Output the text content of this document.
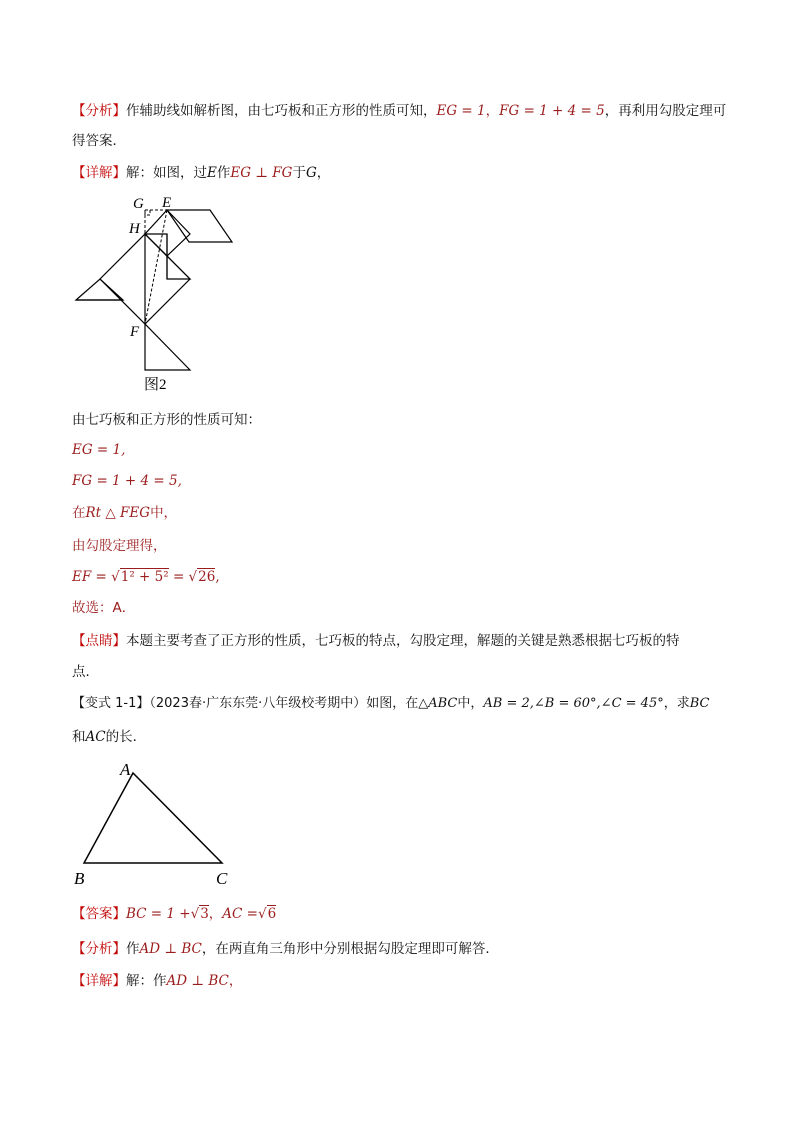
【分析】作辅助线如解析图，由七巧板和正方形的性质可知，EG = 1，FG = 1 + 4 = 5，再利用勾股定理可
得答案．
【详解】解：如图，过E作EG ⊥ FG于G，
G E
H
F
图2
由七巧板和正方形的性质可知：
EG = 1,
FG = 1 + 4 = 5,
在Rt △ FEG中，
由勾股定理得，
EF = √1² + 5² = √26,
故选：A．
【点睛】本题主要考查了正方形的性质，七巧板的特点，勾股定理，解题的关键是熟悉根据七巧板的特
点．
【变式 1-1】（2023春·广东东莞·八年级校考期中）如图，在△ABC中，AB = 2,∠B = 60°,∠C = 45°，求BC
和AC的长．
A
B	C
【答案】BC = 1 +√3，AC =√6
【分析】作AD ⊥ BC，在两直角三角形中分别根据勾股定理即可解答．
【详解】解：作AD ⊥ BC，
